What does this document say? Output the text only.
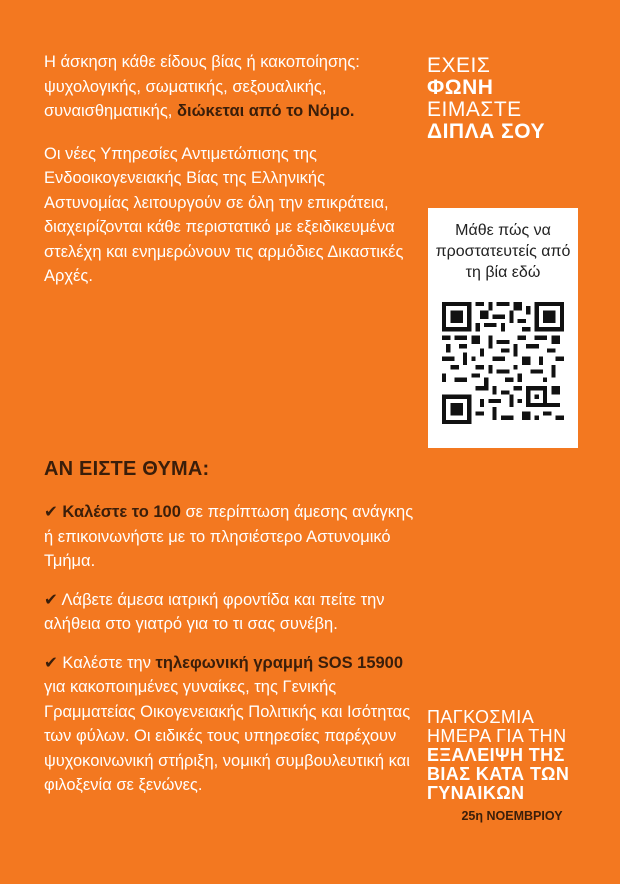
Η άσκηση κάθε είδους βίας ή κακοποίησης: ψυχολογικής, σωματικής, σεξουαλικής, συναισθηματικής, διώκεται από το Νόμο.

Οι νέες Υπηρεσίες Αντιμετώπισης της Ενδοοικογενειακής Βίας της Ελληνικής Αστυνομίας λειτουργούν σε όλη την επικράτεια, διαχειρίζονται κάθε περιστατικό με εξειδικευμένα στελέχη και ενημερώνουν τις αρμόδιες Δικαστικές Αρχές.

ΑΝ ΕΙΣΤΕ ΘΥΜΑ:

✔ Καλέστε το 100 σε περίπτωση άμεσης ανάγκης ή επικοινωνήστε με το πλησιέστερο Αστυνομικό Τμήμα.

✔ Λάβετε άμεσα ιατρική φροντίδα και πείτε την αλήθεια στο γιατρό για το τι σας συνέβη.

✔ Καλέστε την τηλεφωνική γραμμή SOS 15900 για κακοποιημένες γυναίκες, της Γενικής Γραμματείας Οικογενειακής Πολιτικής και Ισότητας των φύλων. Οι ειδικές τους υπηρεσίες παρέχουν ψυχοκοινωνική στήριξη, νομική συμβουλευτική και φιλοξενία σε ξενώνες.

ΕΧΕΙΣ
ΦΩΝΗ
ΕΙΜΑΣΤΕ
ΔΙΠΛΑ ΣΟΥ
Μάθε πώς να προστατευτείς από τη βία εδώ
ΠΑΓΚΟΣΜΙΑ
ΗΜΕΡΑ ΓΙΑ ΤΗΝ
ΕΞΑΛΕΙΨΗ ΤΗΣ
ΒΙΑΣ ΚΑΤΑ ΤΩΝ
ΓΥΝΑΙΚΩΝ
25η ΝΟΕΜΒΡΙΟΥ
